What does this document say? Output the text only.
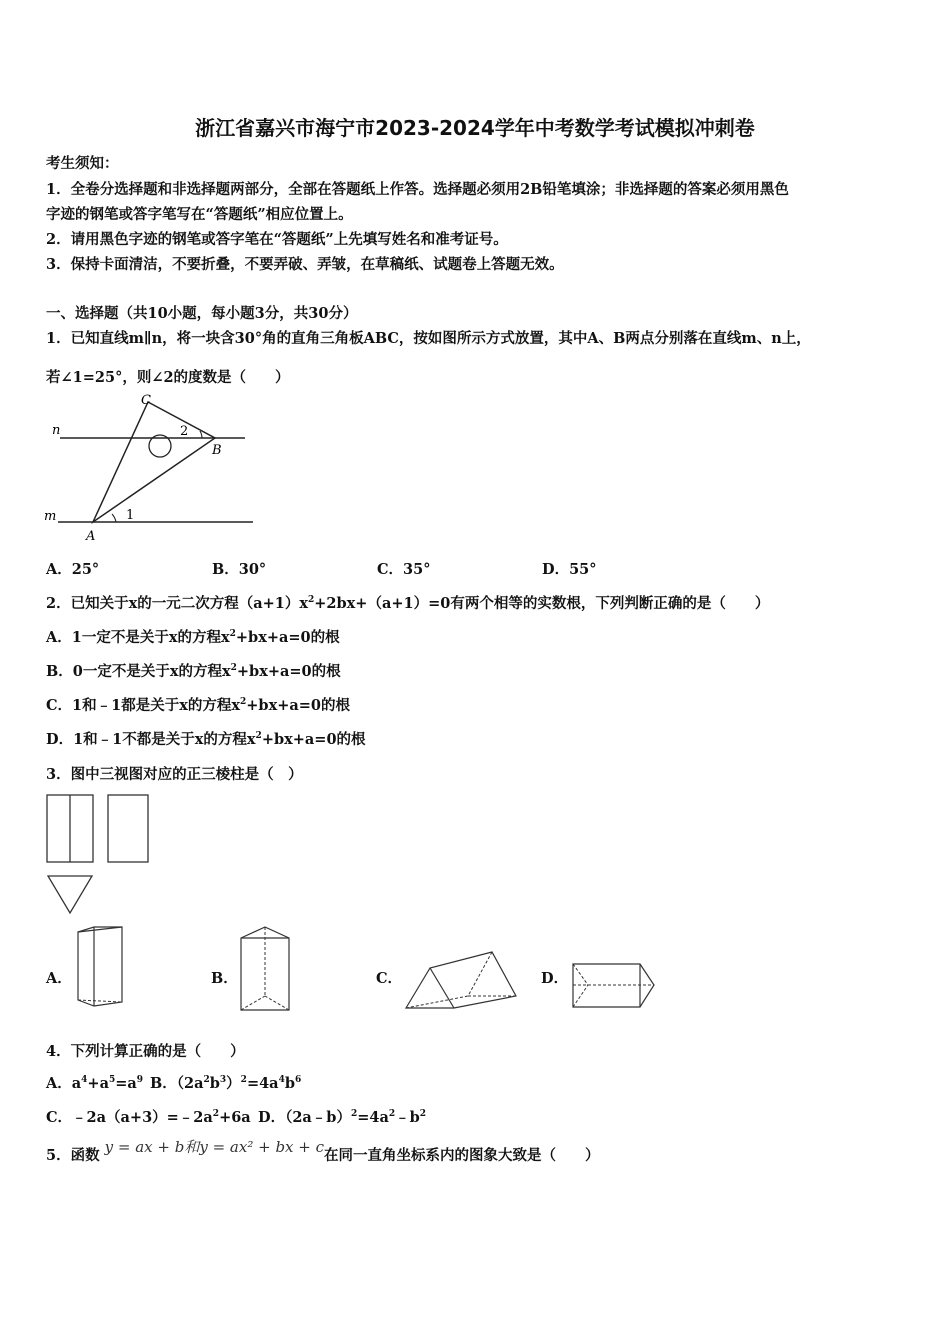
浙江省嘉兴市海宁市2023-2024学年中考数学考试模拟冲刺卷
考生须知：
1．全卷分选择题和非选择题两部分，全部在答题纸上作答。选择题必须用2B铅笔填涂；非选择题的答案必须用黑色
字迹的钢笔或答字笔写在“答题纸”相应位置上。
2．请用黑色字迹的钢笔或答字笔在“答题纸”上先填写姓名和准考证号。
3．保持卡面清洁，不要折叠，不要弄破、弄皱，在草稿纸、试题卷上答题无效。
一、选择题（共10小题，每小题3分，共30分）
1．已知直线m∥n，将一块含30°角的直角三角板ABC，按如图所示方式放置，其中A、B两点分别落在直线m、n上，
若∠1=25°，则∠2的度数是（　　）
n
m
A
B
C
1
2
A．25°	B．30°	C．35°	D．55°
2．已知关于x的一元二次方程$(a+1)x^2+2bx+(a+1)=0$有两个相等的实数根，下列判断正确的是（　　）
A．1一定不是关于x的方程$x^2+bx+a=0$的根
B．0一定不是关于x的方程$x^2+bx+a=0$的根
C．1和﹣1都是关于x的方程$x^2+bx+a=0$的根
D．1和﹣1不都是关于x的方程$x^2+bx+a=0$的根
3．图中三视图对应的正三棱柱是（　）
A．	B．	C．	D．
4．下列计算正确的是（　　）
A．$a^4+a^5=a^9$ B．$(2a^2b^3)^2=4a^4b^6$
C．$﹣2a(a+3)=﹣2a^2+6a$ D．$(2a﹣b)^2=4a^2﹣b^2$
5．函数 y = ax + b和y = ax² + bx + c在同一直角坐标系内的图象大致是（　　）
